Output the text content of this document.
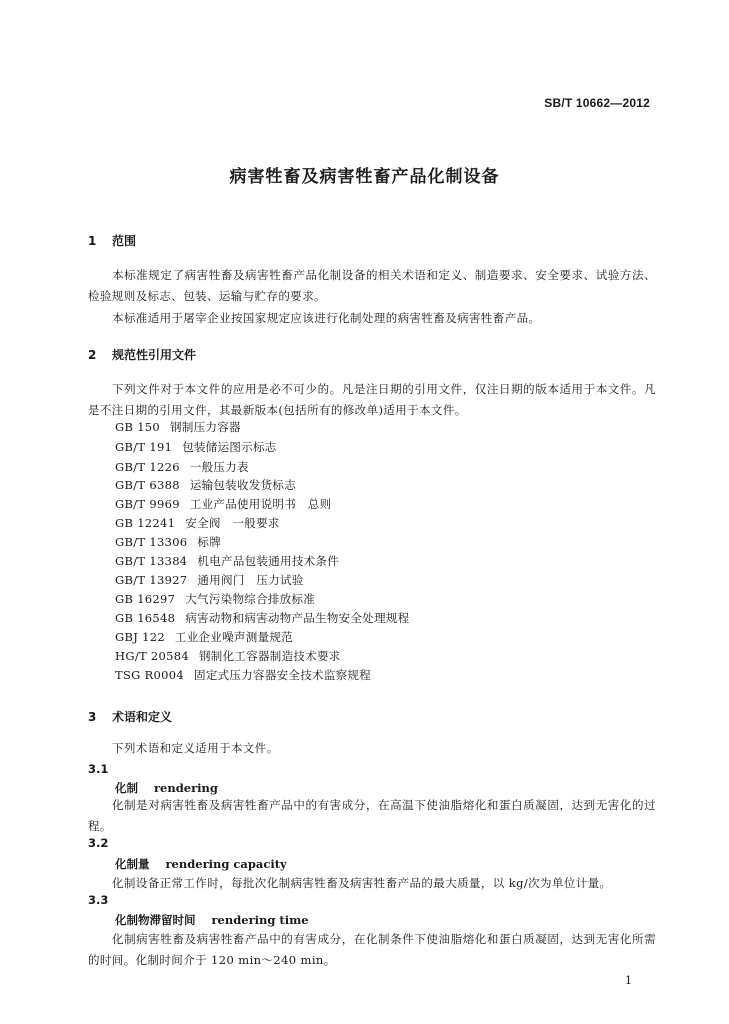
SB/T 10662—2012
病害牲畜及病害牲畜产品化制设备
1 范围

本标准规定了病害牲畜及病害牲畜产品化制设备的相关术语和定义、制造要求、安全要求、试验方法、检验规则及标志、包装、运输与贮存的要求。

本标准适用于屠宰企业按国家规定应该进行化制处理的病害牲畜及病害牲畜产品。

2 规范性引用文件

下列文件对于本文件的应用是必不可少的。凡是注日期的引用文件，仅注日期的版本适用于本文件。凡是不注日期的引用文件，其最新版本(包括所有的修改单)适用于本文件。

GB 150 钢制压力容器
GB/T 191 包装储运图示标志
GB/T 1226 一般压力表
GB/T 6388 运输包装收发货标志
GB/T 9969 工业产品使用说明书　总则
GB 12241 安全阀　一般要求
GB/T 13306 标牌
GB/T 13384 机电产品包装通用技术条件
GB/T 13927 通用阀门　压力试验
GB 16297 大气污染物综合排放标准
GB 16548 病害动物和病害动物产品生物安全处理规程
GBJ 122 工业企业噪声测量规范
HG/T 20584 钢制化工容器制造技术要求
TSG R0004 固定式压力容器安全技术监察规程
3 术语和定义

下列术语和定义适用于本文件。

3.1
化制 rendering

化制是对病害牲畜及病害牲畜产品中的有害成分，在高温下使油脂熔化和蛋白质凝固，达到无害化的过程。

3.2
化制量 rendering capacity

化制设备正常工作时，每批次化制病害牲畜及病害牲畜产品的最大质量，以 kg/次为单位计量。

3.3
化制物滞留时间 rendering time

化制病害牲畜及病害牲畜产品中的有害成分，在化制条件下使油脂熔化和蛋白质凝固，达到无害化所需的时间。化制时间介于 120 min～240 min。

1
